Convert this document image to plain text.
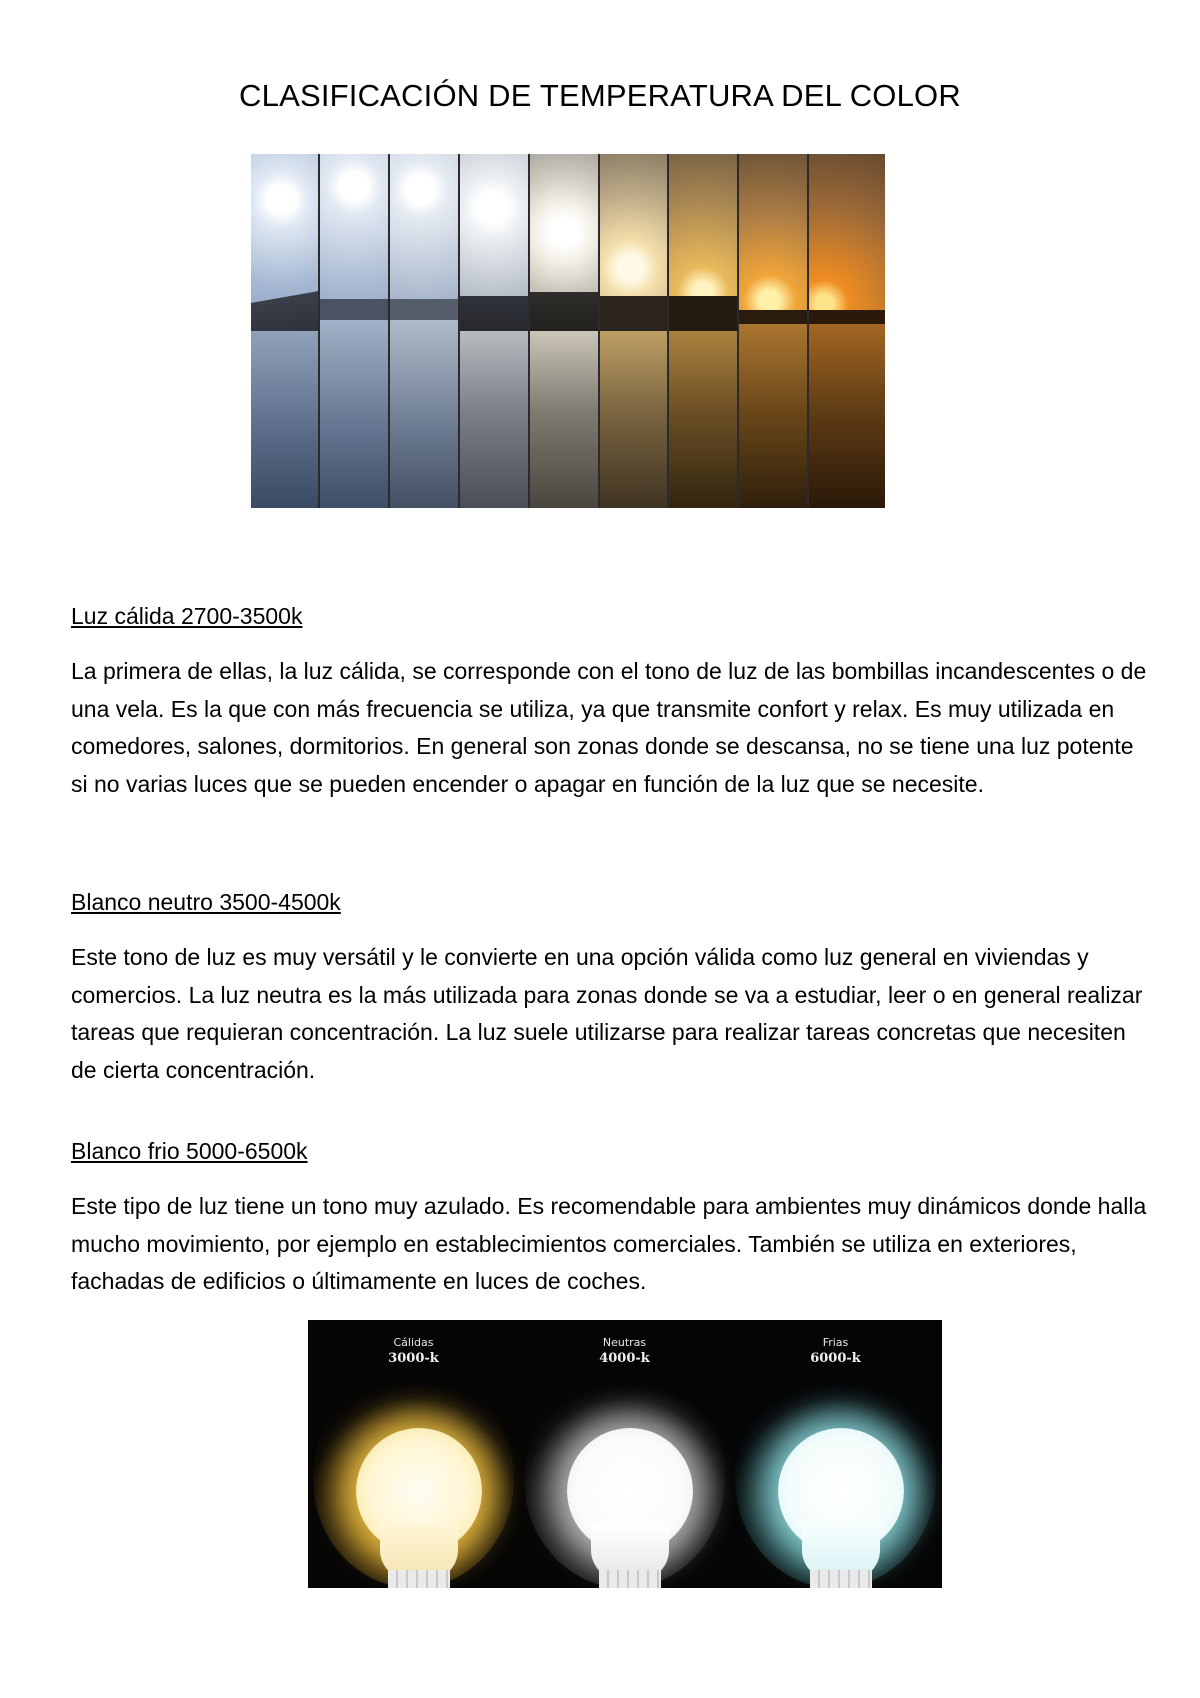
CLASIFICACIÓN DE TEMPERATURA DEL COLOR
Luz cálida 2700-3500k
La primera de ellas, la luz cálida, se corresponde con el tono de luz de las bombillas incandescentes o de una vela. Es la que con más frecuencia se utiliza, ya que transmite confort y relax. Es muy utilizada en comedores, salones, dormitorios. En general son zonas donde se descansa, no se tiene una luz potente si no varias luces que se pueden encender o apagar en función de la luz que se necesite.
Blanco neutro 3500-4500k
Este tono de luz es muy versátil y le convierte en una opción válida como luz general en viviendas y comercios. La luz neutra es la más utilizada para zonas donde se va a estudiar, leer o en general realizar tareas que requieran concentración. La luz suele utilizarse para realizar tareas concretas que necesiten de cierta concentración.
Blanco frio 5000-6500k
Este tipo de luz tiene un tono muy azulado. Es recomendable para ambientes muy dinámicos donde halla mucho movimiento, por ejemplo en establecimientos comerciales. También se utiliza en exteriores, fachadas de edificios o últimamente en luces de coches.
Cálidas
3000-k
Neutras
4000-k
Frias
6000-k
